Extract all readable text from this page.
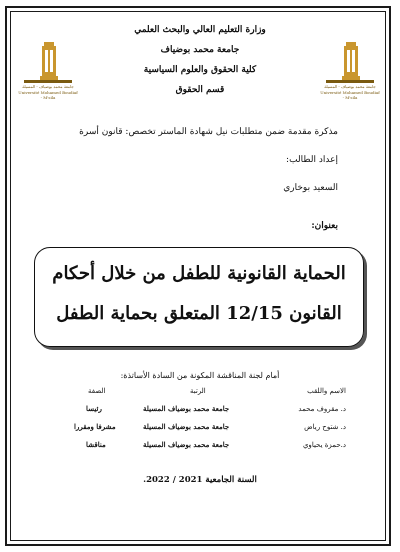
جامعة محمد بوضياف - المسيلة
Université Mohamed Boudiaf - M'sila
جامعة محمد بوضياف - المسيلة
Université Mohamed Boudiaf - M'sila
وزارة التعليم العالي والبحث العلمي
جامعة محمد بوضياف
كلية الحقوق والعلوم السياسية
قسم الحقوق
مذكرة مقدمة ضمن متطلبات نيل شهادة الماستر تخصص: قانون أسرة
إعداد الطالب:
السعيد بوخاري
بعنوان:
الحماية القانونية للطفل من خلال أحكام
القانون 12/15 المتعلق بحماية الطفل
أمام لجنة المناقشة المكونة من السادة الأساتذة:
الاسم واللقب
الرتبة
الصفة
د. مقروف محمد
جامعة محمد بوضياف المسيلة
رئيسا
د. شتوح رياض
جامعة محمد بوضياف المسيلة
مشرفا ومقررا
د.حمزة يحياوي
جامعة محمد بوضياف المسيلة
مناقشا
السنة الجامعية 2021 / 2022.
